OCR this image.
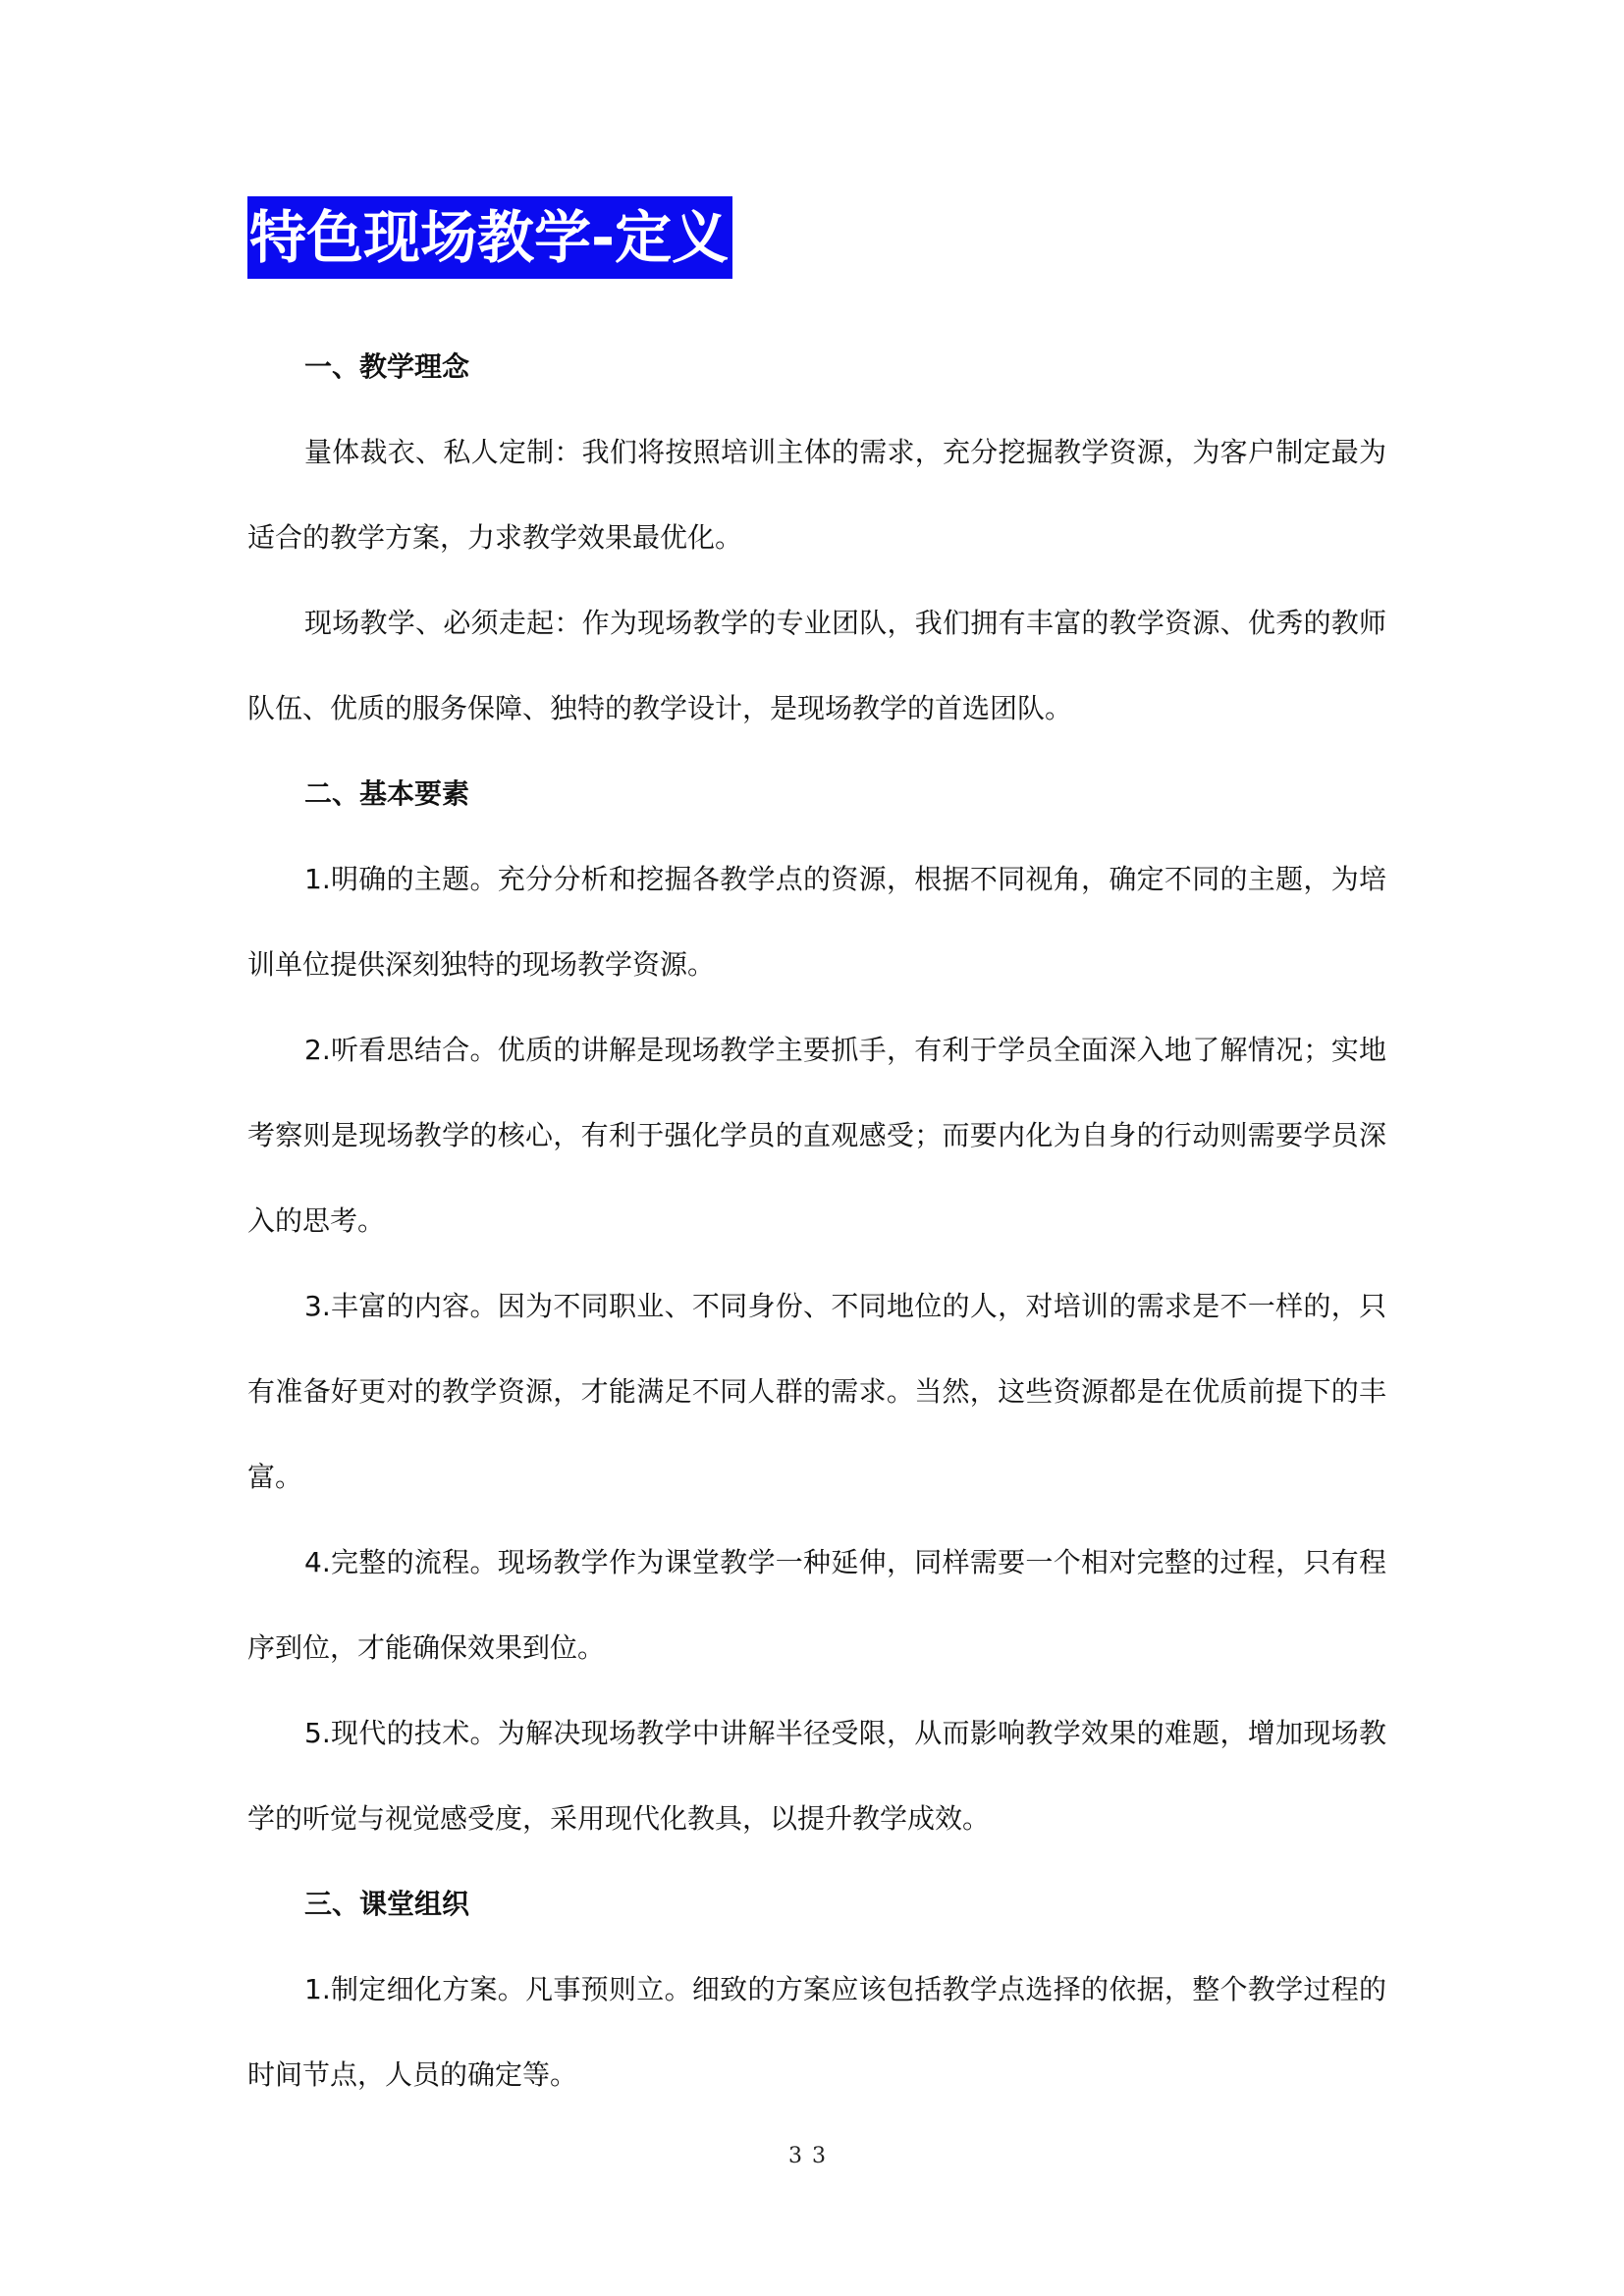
特色现场教学-定义

一、教学理念

量体裁衣、私人定制：我们将按照培训主体的需求，充分挖掘教学资源，为客户制定最为适合的教学方案，力求教学效果最优化。

现场教学、必须走起：作为现场教学的专业团队，我们拥有丰富的教学资源、优秀的教师队伍、优质的服务保障、独特的教学设计，是现场教学的首选团队。

二、基本要素

1.明确的主题。充分分析和挖掘各教学点的资源，根据不同视角，确定不同的主题，为培训单位提供深刻独特的现场教学资源。

2.听看思结合。优质的讲解是现场教学主要抓手，有利于学员全面深入地了解情况；实地考察则是现场教学的核心，有利于强化学员的直观感受；而要内化为自身的行动则需要学员深入的思考。

3.丰富的内容。因为不同职业、不同身份、不同地位的人，对培训的需求是不一样的，只有准备好更对的教学资源，才能满足不同人群的需求。当然，这些资源都是在优质前提下的丰富。

4.完整的流程。现场教学作为课堂教学一种延伸，同样需要一个相对完整的过程，只有程序到位，才能确保效果到位。

5.现代的技术。为解决现场教学中讲解半径受限，从而影响教学效果的难题，增加现场教学的听觉与视觉感受度，采用现代化教具，以提升教学成效。

三、课堂组织

1.制定细化方案。凡事预则立。细致的方案应该包括教学点选择的依据，整个教学过程的时间节点，人员的确定等。

33
